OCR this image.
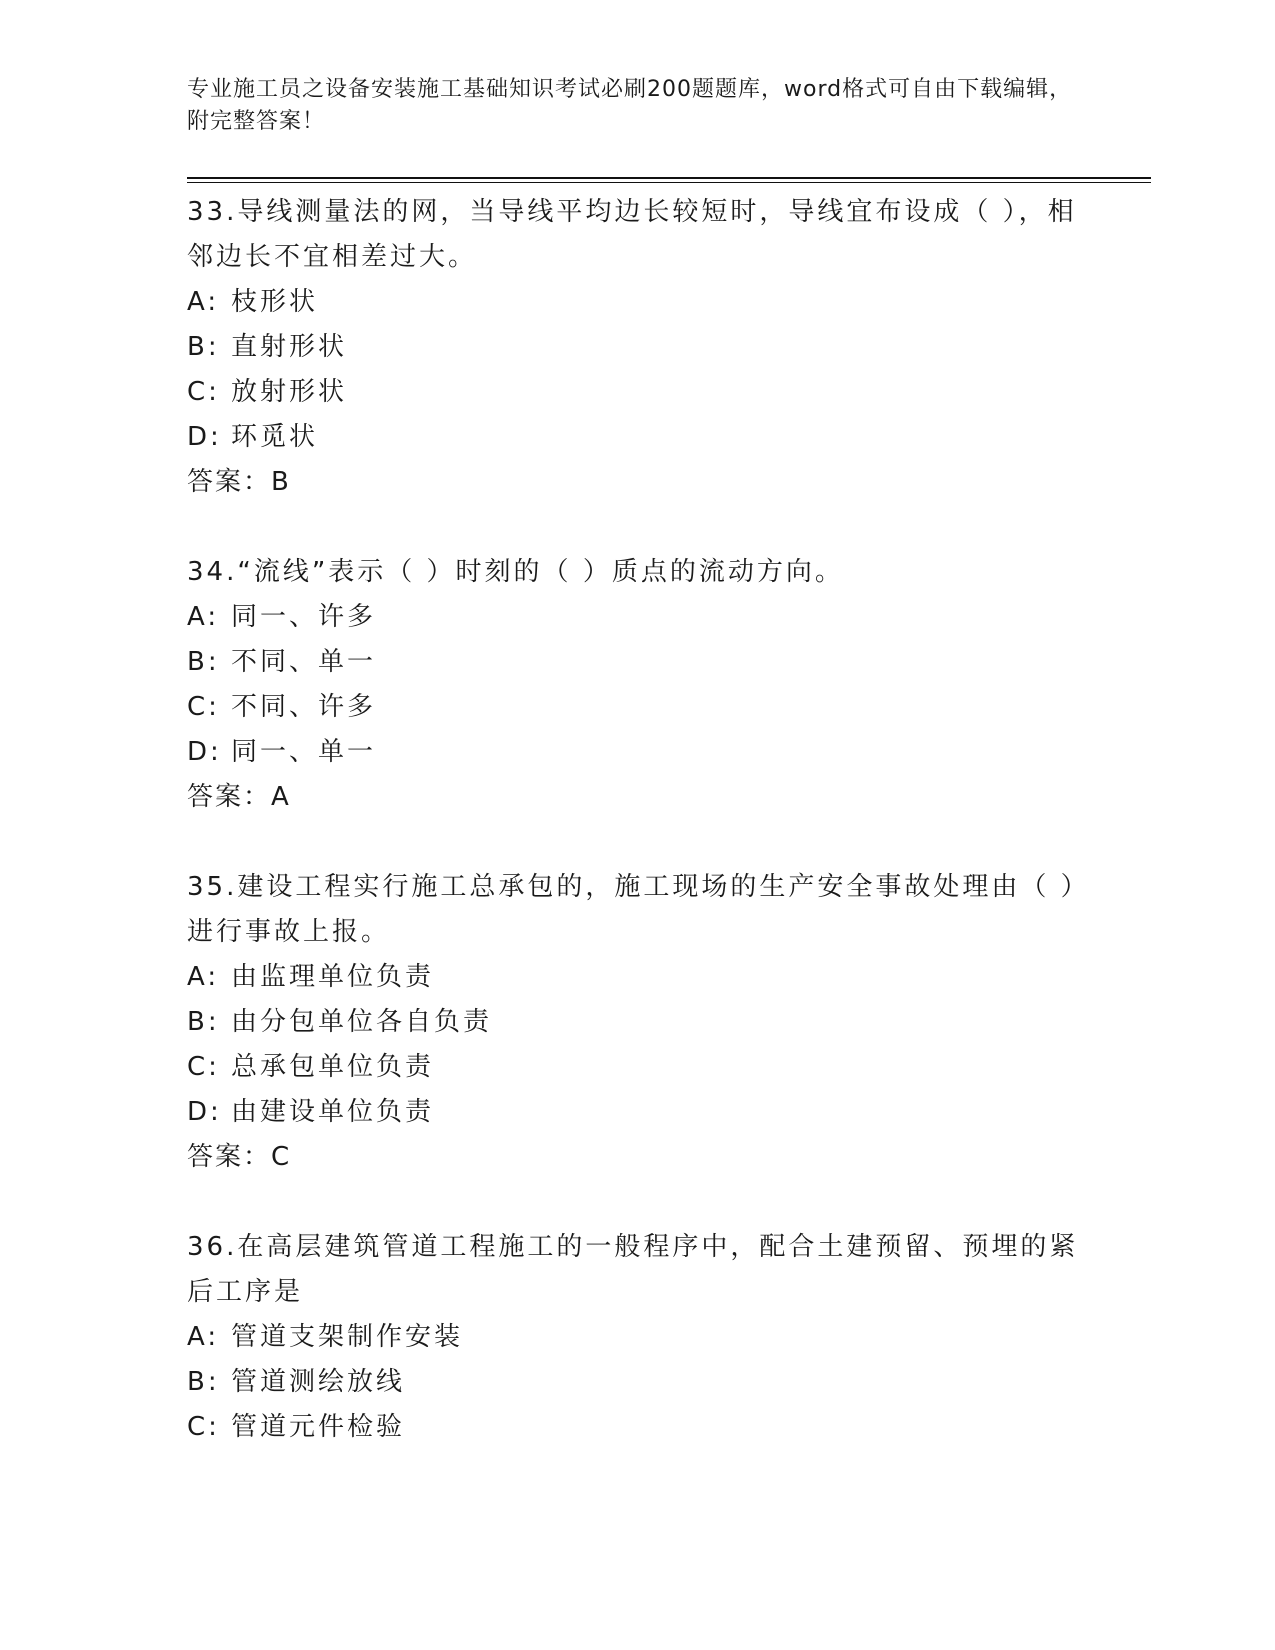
专业施工员之设备安装施工基础知识考试必刷200题题库，word格式可自由下载编辑，附完整答案！
33.导线测量法的网，当导线平均边长较短时，导线宜布设成（ ），相邻边长不宜相差过大。
A: 枝形状
B: 直射形状
C: 放射形状
D: 环觅状
答案：B
34.“流线”表示（ ）时刻的（ ）质点的流动方向。
A: 同一、许多
B: 不同、单一
C: 不同、许多
D: 同一、单一
答案：A
35.建设工程实行施工总承包的，施工现场的生产安全事故处理由（ ）进行事故上报。
A: 由监理单位负责
B: 由分包单位各自负责
C: 总承包单位负责
D: 由建设单位负责
答案：C
36.在高层建筑管道工程施工的一般程序中，配合土建预留、预埋的紧后工序是
A: 管道支架制作安装
B: 管道测绘放线
C: 管道元件检验
